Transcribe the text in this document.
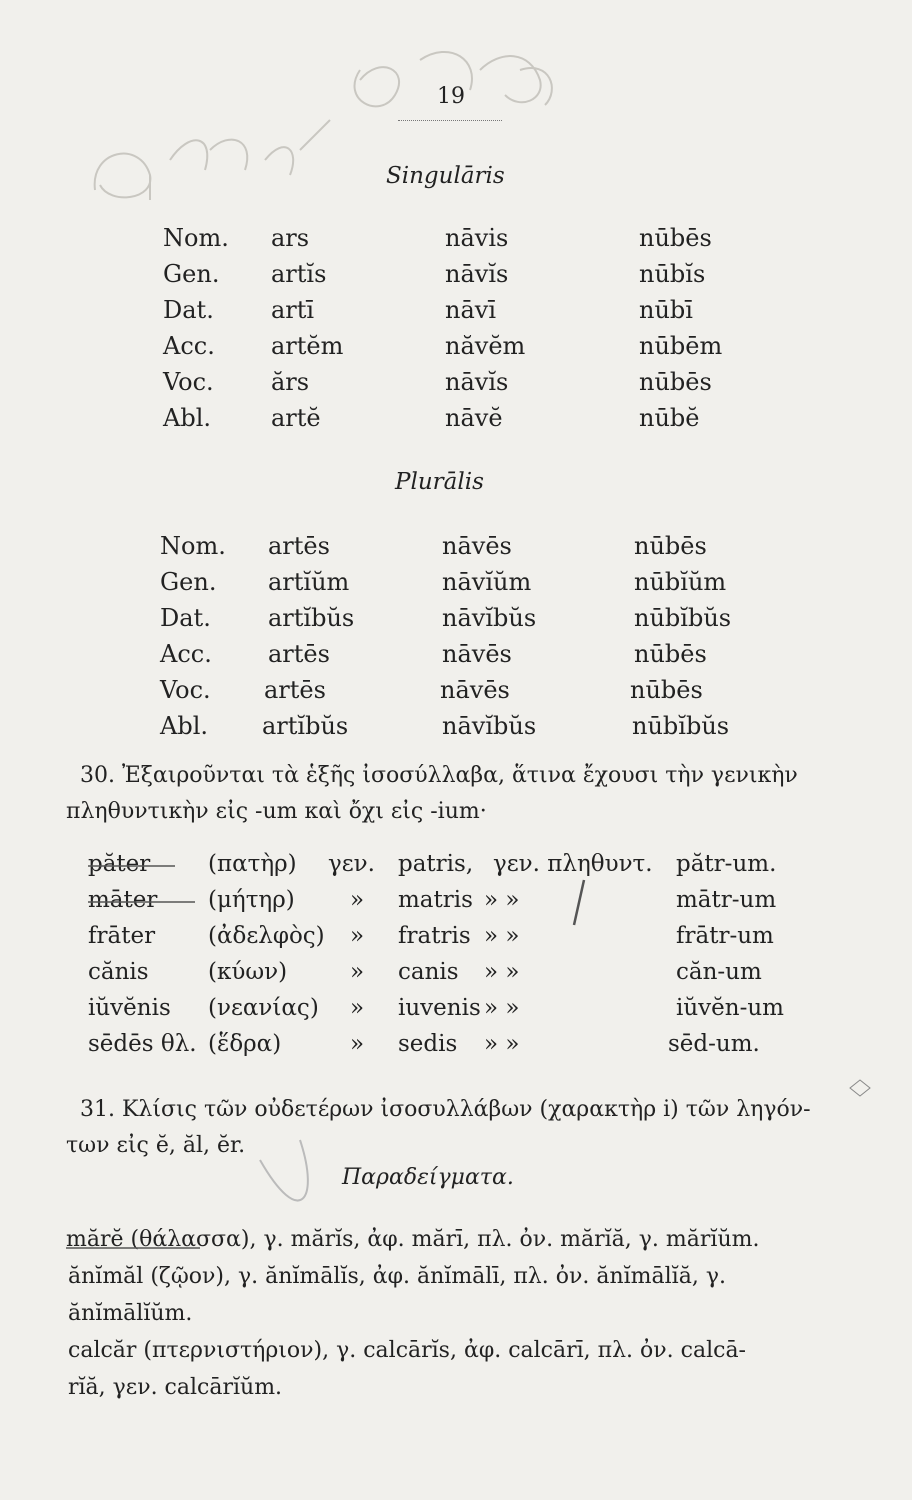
19
Singulāris
Nom. ars	nāvis	nūbēs
Gen. artĭs	nāvĭs	nūbĭs
Dat. artī	nāvī	nūbī
Acc. artĕm	năvĕm	nūbēm
Voc. ărs	nāvĭs	nūbēs
Abl.	artĕ	nāvĕ	nūbĕ
Plurālis
Nom. artēs	nāvēs	nūbēs
Gen. artĭŭm	nāvĭŭm	nūbĭŭm
Dat. artĭbŭs	nāvĭbŭs	nūbĭbŭs
Acc. artēs	nāvēs	nūbēs
Voc. artēs	nāvēs	nūbēs
Abl. artĭbŭs	nāvĭbŭs	nūbĭbŭs
30. Ἐξαιροῦνται τὰ ἑξῆς ἰσοσύλλαβα, ἅτινα ἔχουσι τὴν γενικὴν
πληθυντικὴν εἰς -um καὶ ὄχι εἰς -ium·
păter	(πατὴρ) γεν. patris, γεν. πληθυντ. pătr-um.
māter (μήτηρ) » matris » »	mātr-um
frāter (ἀδελφὸς) » fratris » »	frātr-um
cănis	(κύων)	» canis » »	căn-um
iŭvĕnis (νεανίας) » iuvenis » »	iŭvĕn-um
sēdēs θλ. (ἕδρα)	» sedis » »	sēd-um.
31. Κλίσις τῶν οὐδετέρων ἰσοσυλλάβων (χαρακτὴρ i) τῶν ληγόν-
των εἰς ĕ, ăl, ĕr.
Παραδείγματα.
mărĕ (θάλασσα), γ. mărĭs, ἀφ. mărī, πλ. ὀν. mărĭă, γ. mărĭŭm.
ănĭmăl (ζῷον), γ. ănĭmālĭs, ἀφ. ănĭmālī, πλ. ὀν. ănĭmālĭă, γ.
ănĭmālĭŭm.
calcăr (πτερνιστήριον), γ. calcārĭs, ἀφ. calcārī, πλ. ὀν. calcā-
rĭă, γεν. calcārĭŭm.
